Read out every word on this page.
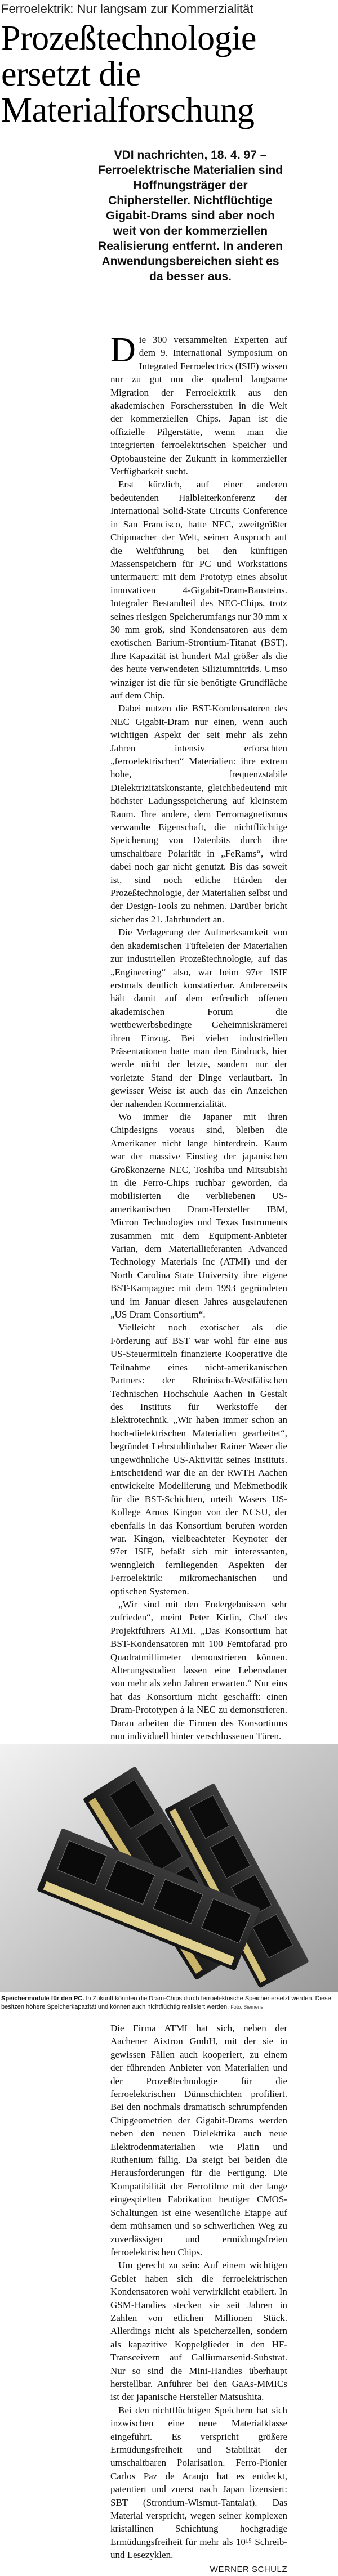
Ferroelektrik: Nur langsam zur Kommerzialität
Prozeßtechnologie
ersetzt die
Materialforschung

VDI nachrichten, 18. 4. 97 – Ferroelektrische Materialien sind Hoffnungsträger der Chiphersteller. Nichtflüchtige Gigabit-Drams sind aber noch weit von der kommerziellen Realisierung entfernt. In anderen Anwendungsbereichen sieht es da besser aus.

Die 300 versammelten Experten auf dem 9. International Symposium on Integrated Ferroelectrics (ISIF) wissen nur zu gut um die qualend langsame Migration der Ferroelektrik aus den akademischen Forschersstuben in die Welt der kommerziellen Chips. Japan ist die offizielle Pilgerstätte, wenn man die integrierten ferroelektrischen Speicher und Optobausteine der Zukunft in kommerzieller Verfügbarkeit sucht.

Erst kürzlich, auf einer anderen bedeutenden Halbleiterkonferenz der International Solid-State Circuits Conference in San Francisco, hatte NEC, zweitgrößter Chipmacher der Welt, seinen Anspruch auf die Weltführung bei den künftigen Massenspeichern für PC und Workstations untermauert: mit dem Prototyp eines absolut innovativen 4-Gigabit-Dram-Bausteins. Integraler Bestandteil des NEC-Chips, trotz seines riesigen Speicherumfangs nur 30 mm x 30 mm groß, sind Kondensatoren aus dem exotischen Barium-Strontium-Titanat (BST). Ihre Kapazität ist hundert Mal größer als die des heute verwendeten Siliziumnitrids. Umso winziger ist die für sie benötigte Grundfläche auf dem Chip.

Dabei nutzen die BST-Kondensatoren des NEC Gigabit-Dram nur einen, wenn auch wichtigen Aspekt der seit mehr als zehn Jahren intensiv erforschten „ferroelektrischen“ Materialien: ihre extrem hohe, frequenzstabile Dielektrizitätskonstante, gleichbedeutend mit höchster Ladungsspeicherung auf kleinstem Raum. Ihre andere, dem Ferromagnetismus verwandte Eigenschaft, die nichtflüchtige Speicherung von Datenbits durch ihre umschaltbare Polarität in „FeRams“, wird dabei noch gar nicht genutzt. Bis das soweit ist, sind noch etliche Hürden der Prozeßtechnologie, der Materialien selbst und der Design-Tools zu nehmen. Darüber bricht sicher das 21. Jahrhundert an.

Die Verlagerung der Aufmerksamkeit von den akademischen Tüfteleien der Materialien zur industriellen Prozeßtechnologie, auf das „Engineering“ also, war beim 97er ISIF erstmals deutlich konstatierbar. Andererseits hält damit auf dem erfreulich offenen akademischen Forum die wettbewerbsbedingte Geheimniskrämerei ihren Einzug. Bei vielen industriellen Präsentationen hatte man den Eindruck, hier werde nicht der letzte, sondern nur der vorletzte Stand der Dinge verlautbart. In gewisser Weise ist auch das ein Anzeichen der nahenden Kommerzialität.

Wo immer die Japaner mit ihren Chipdesigns voraus sind, bleiben die Amerikaner nicht lange hinterdrein. Kaum war der massive Einstieg der japanischen Großkonzerne NEC, Toshiba und Mitsubishi in die Ferro-Chips ruchbar geworden, da mobilisierten die verbliebenen US-amerikanischen Dram-Hersteller IBM, Micron Technologies und Texas Instruments zusammen mit dem Equipment-Anbieter Varian, dem Materiallieferanten Advanced Technology Materials Inc (ATMI) und der North Carolina State University ihre eigene BST-Kampagne: mit dem 1993 gegründeten und im Januar diesen Jahres ausgelaufenen „US Dram Consortium“.

Vielleicht noch exotischer als die Förderung auf BST war wohl für eine aus US-Steuermitteln finanzierte Kooperative die Teilnahme eines nicht-amerikanischen Partners: der Rheinisch-Westfälischen Technischen Hochschule Aachen in Gestalt des Instituts für Werkstoffe der Elektrotechnik. „Wir haben immer schon an hoch-dielektrischen Materialien gearbeitet“, begründet Lehrstuhlinhaber Rainer Waser die ungewöhnliche US-Aktivität seines Instituts. Entscheidend war die an der RWTH Aachen entwickelte Modellierung und Meßmethodik für die BST-Schichten, urteilt Wasers US-Kollege Arnos Kingon von der NCSU, der ebenfalls in das Konsortium berufen worden war. Kingon, vielbeachteter Keynoter der 97er ISIF, befaßt sich mit interessanten, wenngleich fernliegenden Aspekten der Ferroelektrik: mikromechanischen und optischen Systemen.

„Wir sind mit den Endergebnissen sehr zufrieden“, meint Peter Kirlin, Chef des Projektführers ATMI. „Das Konsortium hat BST-Kondensatoren mit 100 Femtofarad pro Quadratmillimeter demonstrieren können. Alterungsstudien lassen eine Lebensdauer von mehr als zehn Jahren erwarten.“ Nur eins hat das Konsortium nicht geschafft: einen Dram-Prototypen à la NEC zu demonstrieren. Daran arbeiten die Firmen des Konsortiums nun individuell hinter verschlossenen Türen.

Speichermodule für den PC. In Zukunft könnten die Dram-Chips durch ferroelektrische Speicher ersetzt werden. Diese besitzen höhere Speicherkapazität und können auch nichtflüchtig realisiert werden. Foto: Siemens

Die Firma ATMI hat sich, neben der Aachener Aixtron GmbH, mit der sie in gewissen Fällen auch kooperiert, zu einem der führenden Anbieter von Materialien und der Prozeßtechnologie für die ferroelektrischen Dünnschichten profiliert. Bei den nochmals dramatisch schrumpfenden Chipgeometrien der Gigabit-Drams werden neben den neuen Dielektrika auch neue Elektrodenmaterialien wie Platin und Ruthenium fällig. Da steigt bei beiden die Herausforderungen für die Fertigung. Die Kompatibilität der Ferrofilme mit der lange eingespielten Fabrikation heutiger CMOS-Schaltungen ist eine wesentliche Etappe auf dem mühsamen und so schwerlichen Weg zu zuverlässigen und ermüdungsfreien ferroelektrischen Chips.

Um gerecht zu sein: Auf einem wichtigen Gebiet haben sich die ferroelektrischen Kondensatoren wohl verwirklicht etabliert. In GSM-Handies stecken sie seit Jahren in Zahlen von etlichen Millionen Stück. Allerdings nicht als Speicherzellen, sondern als kapazitive Koppelglieder in den HF-Transceivern auf Galliumarsenid-Substrat. Nur so sind die Mini-Handies überhaupt herstellbar. Anführer bei den GaAs-MMICs ist der japanische Hersteller Matsushita.

Bei den nichtflüchtigen Speichern hat sich inzwischen eine neue Materialklasse eingeführt. Es verspricht größere Ermüdungsfreiheit und Stabilität der umschaltbaren Polarisation. Ferro-Pionier Carlos Paz de Araujo hat es entdeckt, patentiert und zuerst nach Japan lizensiert: SBT (Strontium-Wismut-Tantalat). Das Material verspricht, wegen seiner komplexen kristallinen Schichtung hochgradige Ermüdungsfreiheit für mehr als 10¹⁵ Schreib- und Lesezyklen.

WERNER SCHULZ
